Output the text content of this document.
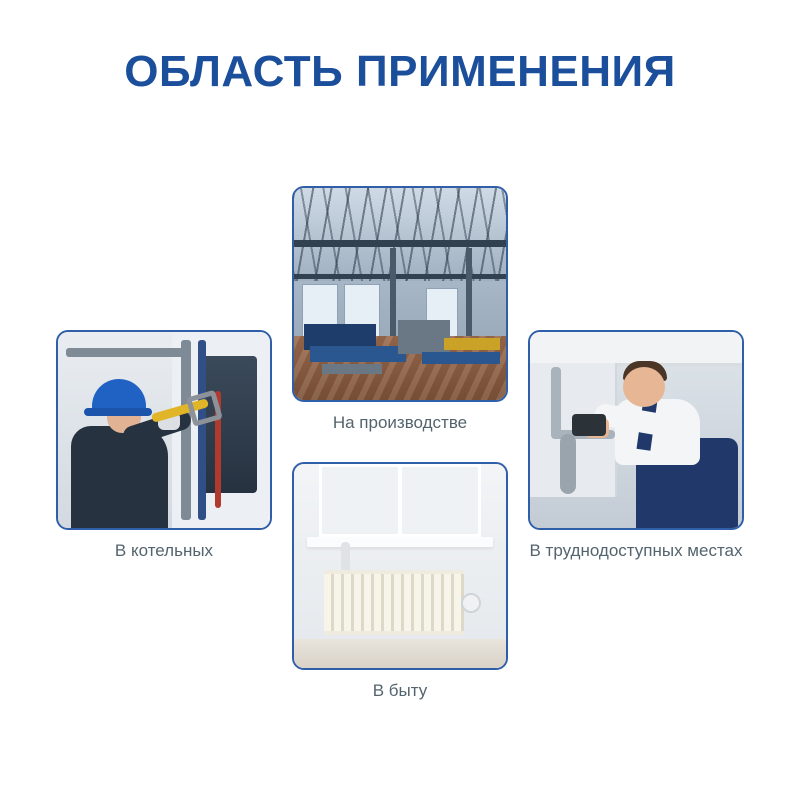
ОБЛАСТЬ ПРИМЕНЕНИЯ
На производстве
В котельных	В труднодоступных местах
В быту
